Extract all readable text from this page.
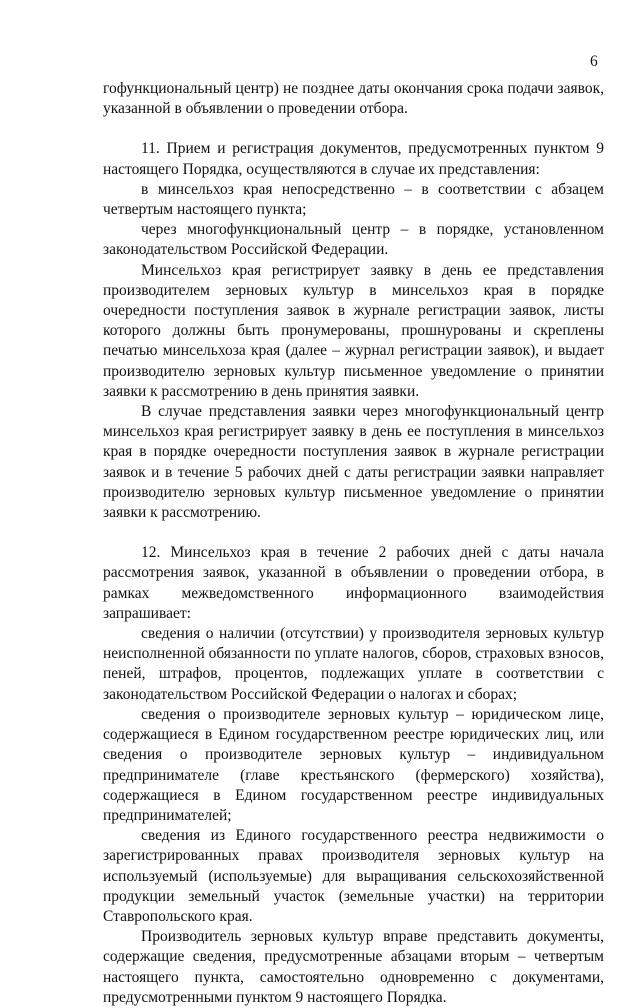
6

гофункциональный центр) не позднее даты окончания срока подачи заявок, указанной в объявлении о проведении отбора.

11. Прием и регистрация документов, предусмотренных пунктом 9 настоящего Порядка, осуществляются в случае их представления:

в минсельхоз края непосредственно – в соответствии с абзацем четвертым настоящего пункта;

через многофункциональный центр – в порядке, установленном законодательством Российской Федерации.

Минсельхоз края регистрирует заявку в день ее представления производителем зерновых культур в минсельхоз края в порядке очередности поступления заявок в журнале регистрации заявок, листы которого должны быть пронумерованы, прошнурованы и скреплены печатью минсельхоза края (далее – журнал регистрации заявок), и выдает производителю зерновых культур письменное уведомление о принятии заявки к рассмотрению в день принятия заявки.

В случае представления заявки через многофункциональный центр минсельхоз края регистрирует заявку в день ее поступления в минсельхоз края в порядке очередности поступления заявок в журнале регистрации заявок и в течение 5 рабочих дней с даты регистрации заявки направляет производителю зерновых культур письменное уведомление о принятии заявки к рассмотрению.

12. Минсельхоз края в течение 2 рабочих дней с даты начала рассмотрения заявок, указанной в объявлении о проведении отбора, в рамках межведомственного информационного взаимодействия запрашивает:

сведения о наличии (отсутствии) у производителя зерновых культур неисполненной обязанности по уплате налогов, сборов, страховых взносов, пеней, штрафов, процентов, подлежащих уплате в соответствии с законодательством Российской Федерации о налогах и сборах;

сведения о производителе зерновых культур – юридическом лице, содержащиеся в Едином государственном реестре юридических лиц, или сведения о производителе зерновых культур – индивидуальном предпринимателе (главе крестьянского (фермерского) хозяйства), содержащиеся в Едином государственном реестре индивидуальных предпринимателей;

сведения из Единого государственного реестра недвижимости о зарегистрированных правах производителя зерновых культур на используемый (используемые) для выращивания сельскохозяйственной продукции земельный участок (земельные участки) на территории Ставропольского края.

Производитель зерновых культур вправе представить документы, содержащие сведения, предусмотренные абзацами вторым – четвертым настоящего пункта, самостоятельно одновременно с документами, предусмотренными пунктом 9 настоящего Порядка.
